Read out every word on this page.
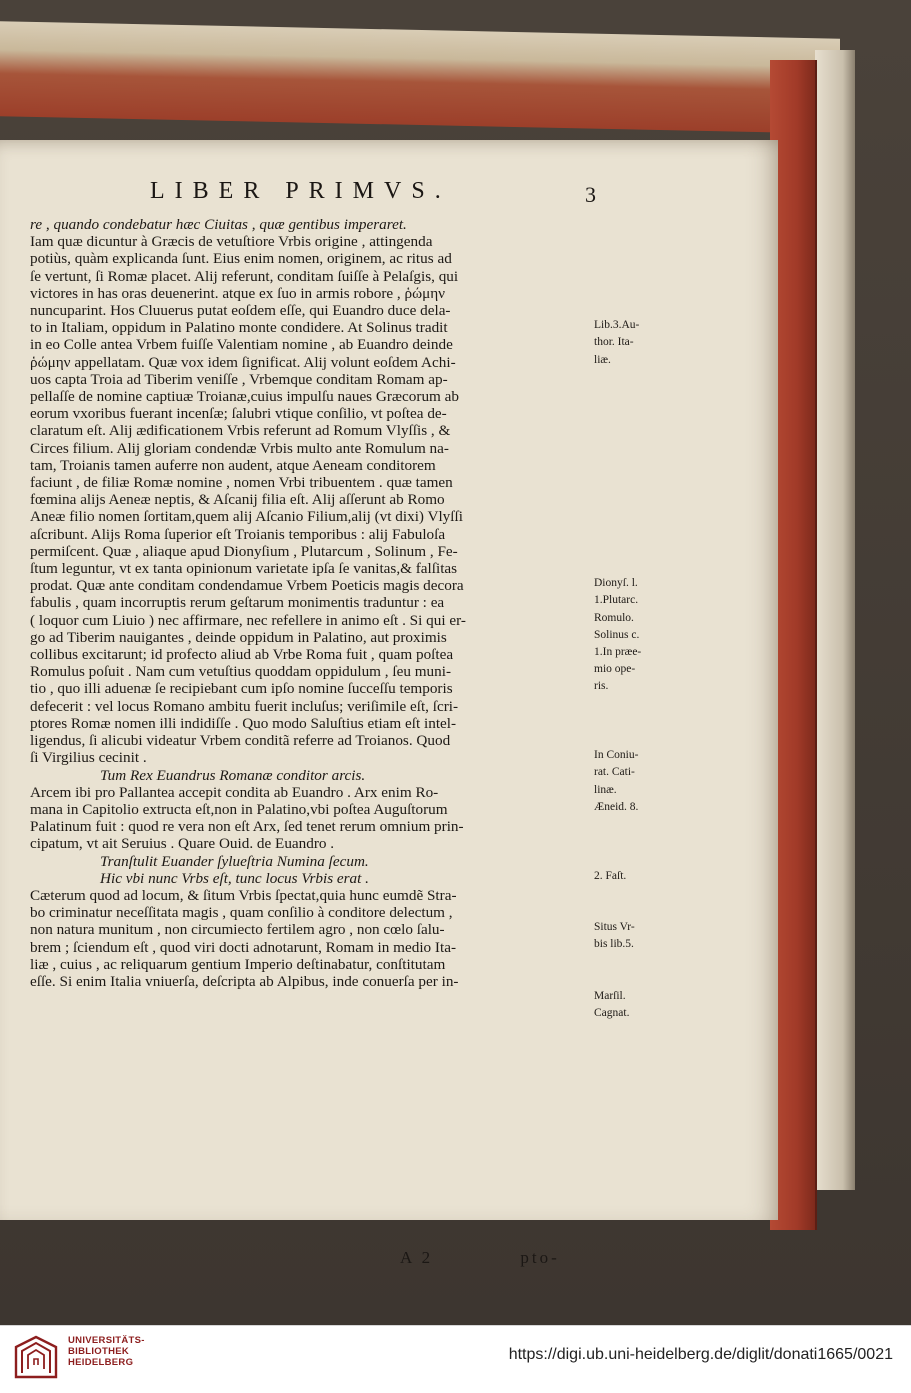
LIBER PRIMVS.	3
re , quando condebatur hæc Ciuitas , quæ gentibus imperaret.
Iam quæ dicuntur à Græcis de vetuſtiore Vrbis origine , attingenda
potiùs, quàm explicanda ſunt. Eius enim nomen, originem, ac ritus ad
ſe vertunt, ſi Romæ placet. Alij referunt, conditam ſuiſſe à Pelaſgis, qui
victores in has oras deuenerint. atque ex ſuo in armis robore , ῥώμην
nuncuparint. Hos Cluuerus putat eoſdem eſſe, qui Euandro duce dela-
to in Italiam, oppidum in Palatino monte condidere. At Solinus tradit
in eo Colle antea Vrbem fuiſſe Valentiam nomine , ab Euandro deinde
ῥώμην appellatam. Quæ vox idem ſignificat. Alij volunt eoſdem Achi-
uos capta Troia ad Tiberim veniſſe , Vrbemque conditam Romam ap-
pellaſſe de nomine captiuæ Troianæ,cuius impulſu naues Græcorum ab
eorum vxoribus fuerant incenſæ; ſalubri vtique conſilio, vt poſtea de-
claratum eſt. Alij ædificationem Vrbis referunt ad Romum Vlyſſis , &
Circes filium. Alij gloriam condendæ Vrbis multo ante Romulum na-
tam, Troianis tamen auferre non audent, atque Aeneam conditorem
faciunt , de filiæ Romæ nomine , nomen Vrbi tribuentem . quæ tamen
fœmina alijs Aeneæ neptis, & Aſcanij filia eſt. Alij aſſerunt ab Romo
Aneæ filio nomen ſortitam,quem alij Aſcanio Filium,alij (vt dixi) Vlyſſi
aſcribunt. Alijs Roma ſuperior eſt Troianis temporibus : alij Fabuloſa
permiſcent. Quæ , aliaque apud Dionyſium , Plutarcum , Solinum , Fe-
ſtum leguntur, vt ex tanta opinionum varietate ipſa ſe vanitas,& falſitas
prodat. Quæ ante conditam condendamue Vrbem Poeticis magis decora
fabulis , quam incorruptis rerum geſtarum monimentis traduntur : ea
( loquor cum Liuio ) nec affirmare, nec refellere in animo eſt . Si qui er-
go ad Tiberim nauigantes , deinde oppidum in Palatino, aut proximis
collibus excitarunt; id profecto aliud ab Vrbe Roma fuit , quam poſtea
Romulus poſuit . Nam cum vetuſtius quoddam oppidulum , ſeu muni-
tio , quo illi aduenæ ſe recipiebant cum ipſo nomine ſucceſſu temporis
defecerit : vel locus Romano ambitu fuerit incluſus; veriſimile eſt, ſcri-
ptores Romæ nomen illi indidiſſe . Quo modo Saluſtius etiam eſt intel-
ligendus, ſi alicubi videatur Vrbem conditã referre ad Troianos. Quod
ſi Virgilius cecinit .
Tum Rex Euandrus Romanæ conditor arcis.
Arcem ibi pro Pallantea accepit condita ab Euandro . Arx enim Ro-
mana in Capitolio extructa eſt,non in Palatino,vbi poſtea Auguſtorum
Palatinum fuit : quod re vera non eſt Arx, ſed tenet rerum omnium prin-
cipatum, vt ait Seruius . Quare Ouid. de Euandro .
Tranſtulit Euander ſylueſtria Numina ſecum.
Hic vbi nunc Vrbs eſt, tunc locus Vrbis erat .
Cæterum quod ad locum, & ſitum Vrbis ſpectat,quia hunc eumdẽ Stra-
bo criminatur neceſſitata magis , quam conſilio à conditore delectum ,
non natura munitum , non circumiecto fertilem agro , non cœlo ſalu-
brem ; ſciendum eſt , quod viri docti adnotarunt, Romam in medio Ita-
liæ , cuius , ac reliquarum gentium Imperio deſtinabatur, conſtitutam
eſſe. Si enim Italia vniuerſa, deſcripta ab Alpibus, inde conuerſa per in-
Lib.3.Au-
thor. Ita-
liæ.
Dionyſ. l.
1.Plutarc.
Romulo.
Solinus c.
1.In præe-
mio ope-
ris.
In Coniu-
rat. Cati-
linæ.
Æneid. 8.
2. Faſt.
Situs Vr-
bis lib.5.
Marſil.
Cagnat.
A 2	pto-
UNIVERSITÄTS-
BIBLIOTHEK
HEIDELBERG	https://digi.ub.uni-heidelberg.de/diglit/donati1665/0021
